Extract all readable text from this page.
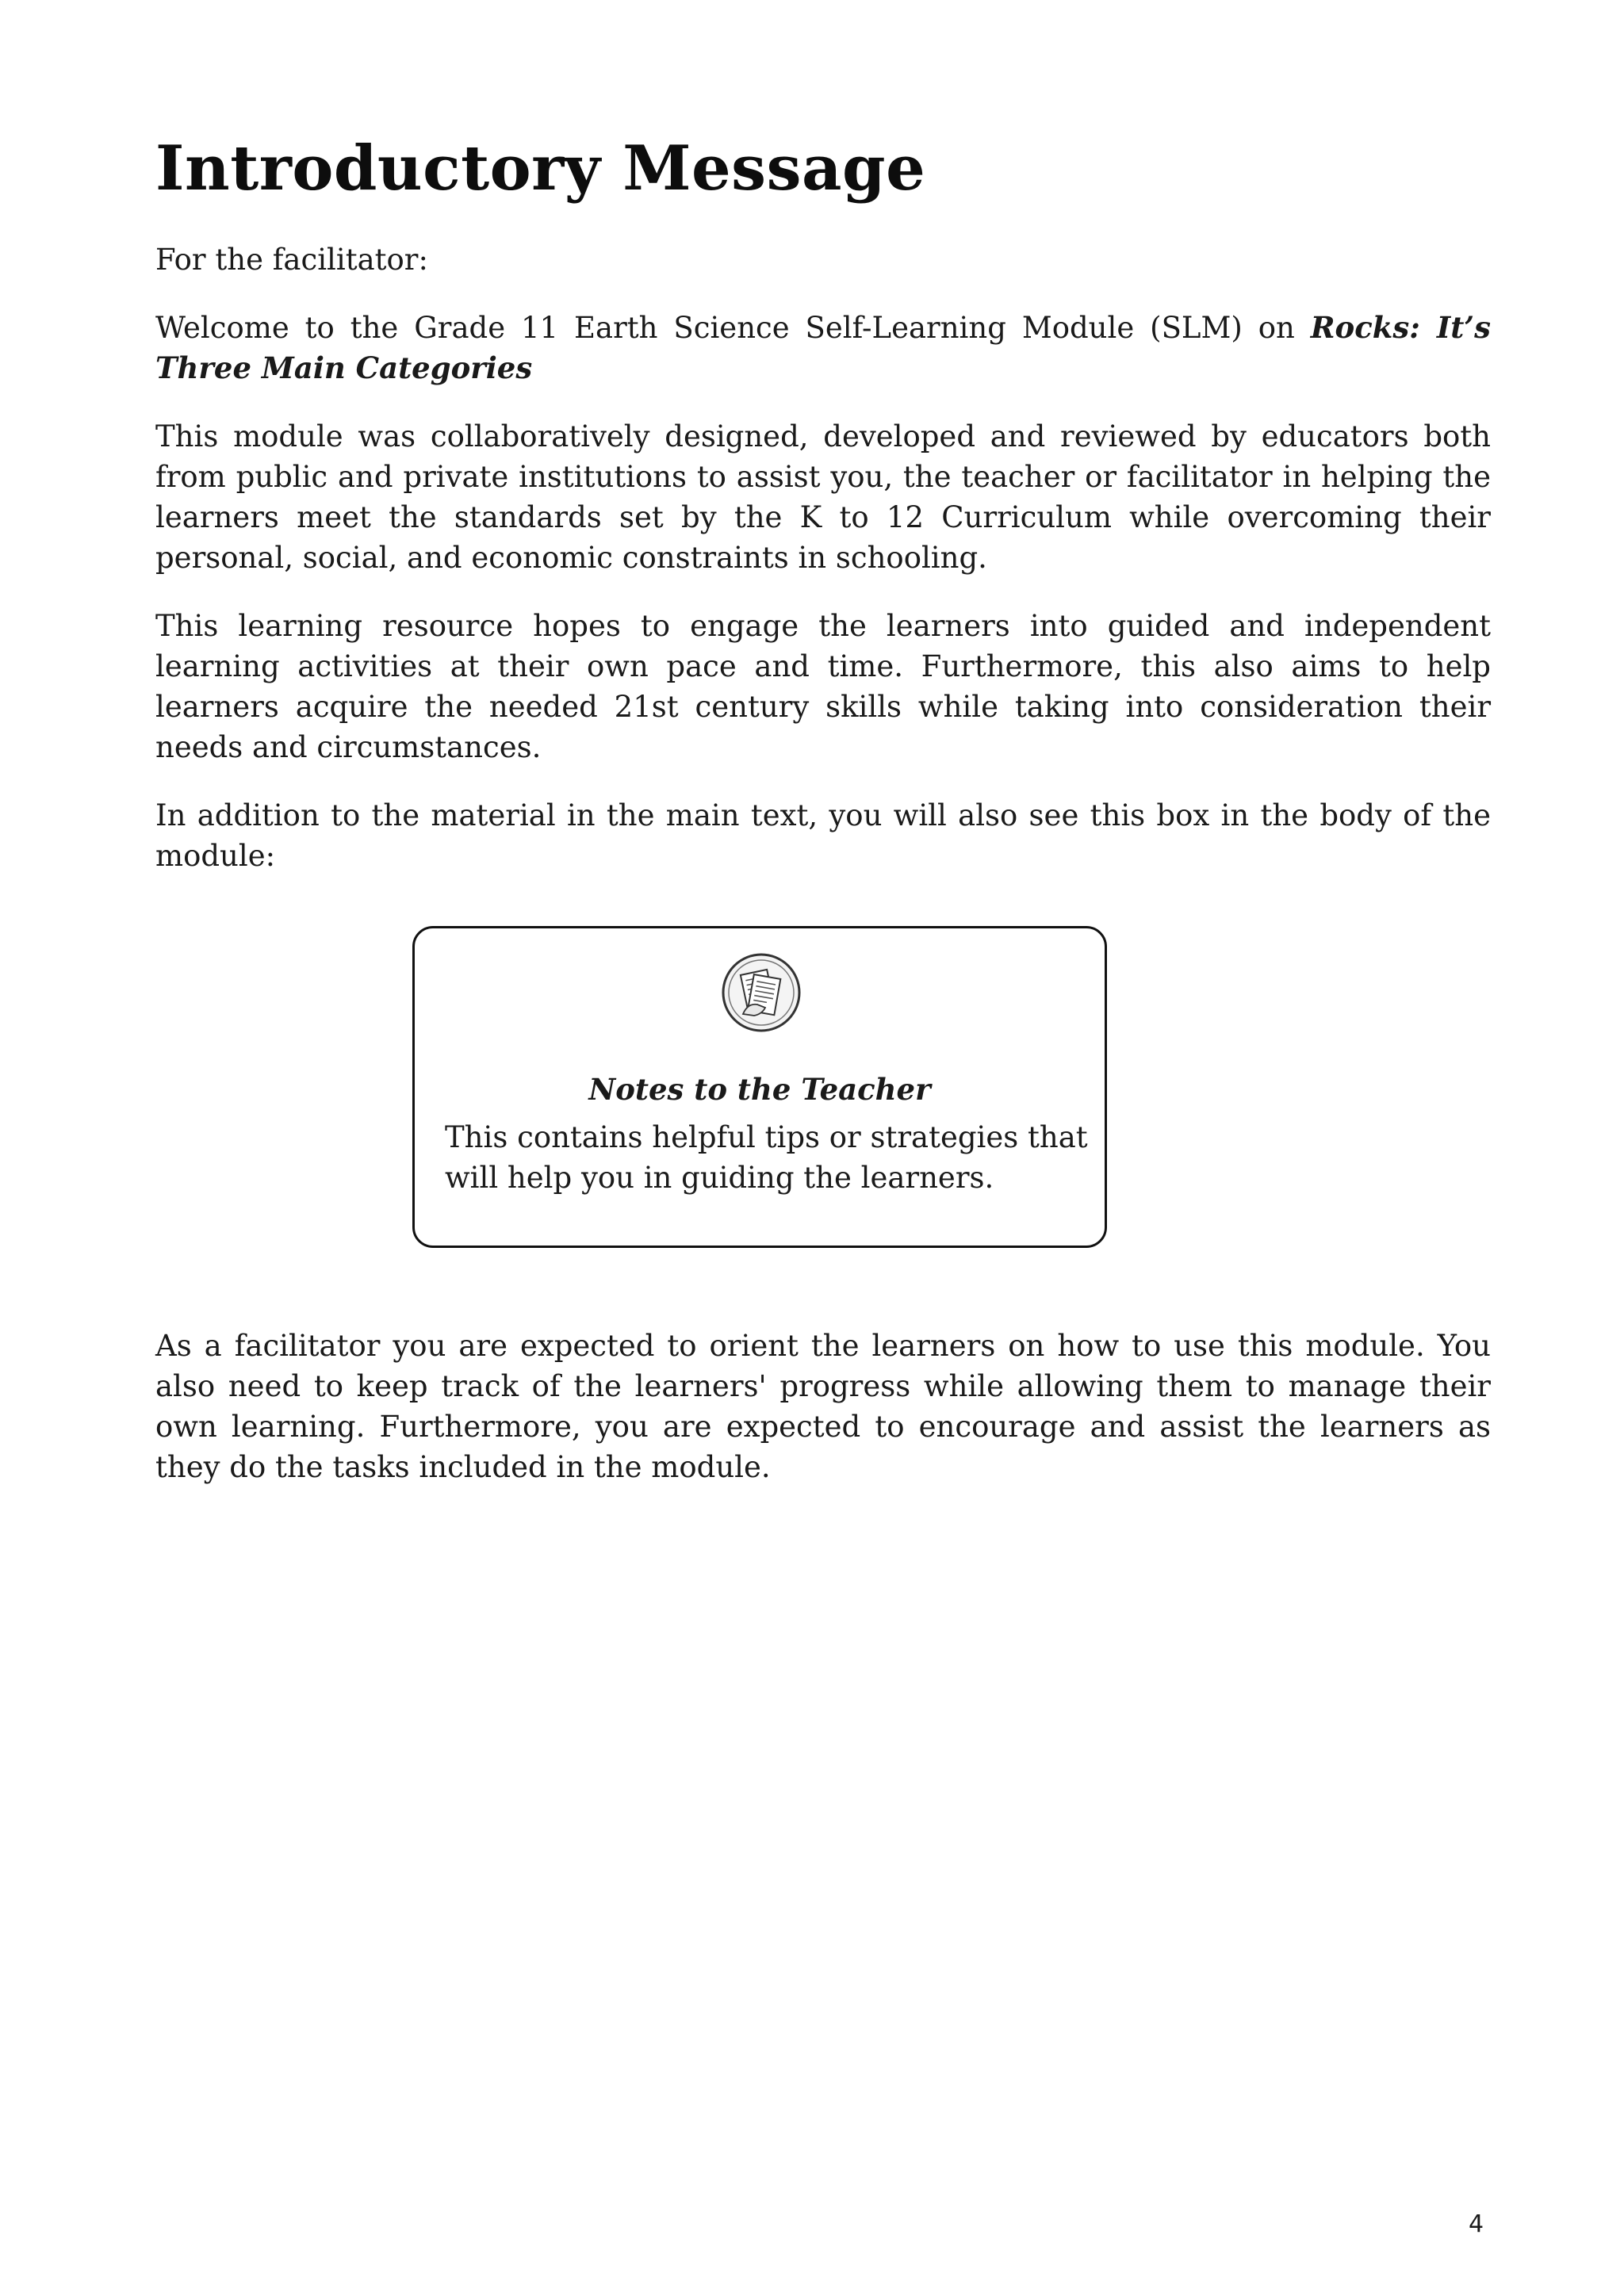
Introductory Message

For the facilitator:

Welcome to the Grade 11 Earth Science Self-Learning Module (SLM) on Rocks: It’s Three Main Categories

This module was collaboratively designed, developed and reviewed by educators both from public and private institutions to assist you, the teacher or facilitator in helping the learners meet the standards set by the K to 12 Curriculum while overcoming their personal, social, and economic constraints in schooling.

This learning resource hopes to engage the learners into guided and independent learning activities at their own pace and time. Furthermore, this also aims to help learners acquire the needed 21st century skills while taking into consideration their needs and circumstances.

In addition to the material in the main text, you will also see this box in the body of the module:

Notes to the Teacher
This contains helpful tips or strategies that will help you in guiding the learners.

As a facilitator you are expected to orient the learners on how to use this module. You also need to keep track of the learners' progress while allowing them to manage their own learning. Furthermore, you are expected to encourage and assist the learners as they do the tasks included in the module.

4
